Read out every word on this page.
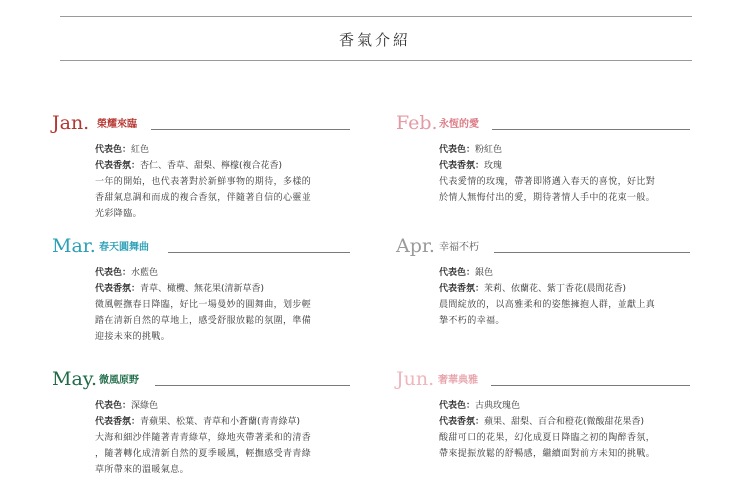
香氣介紹
Jan. 榮耀來臨
代表色：紅色
代表香氛：杏仁、香草、甜梨、檸檬(複合花香)
一年的開始，也代表著對於新鮮事物的期待，多樣的
香甜氣息調和而成的複合香氛，伴隨著自信的心靈並
光彩降臨。
Feb. 永恆的愛
代表色：粉紅色
代表香氛：玫瑰
代表愛情的玫瑰，帶著即將邁入春天的喜悅，好比對
於情人無悔付出的愛，期待著情人手中的花束一般。
Mar. 春天圓舞曲
代表色：水藍色
代表香氛：青草、橄欖、無花果(清新草香)
微風輕撫春日降臨，好比一場曼妙的圓舞曲，划步輕
踏在清新自然的草地上，感受舒服放鬆的氛圍，準備
迎接未來的挑戰。
Apr. 幸福不朽
代表色：銀色
代表香氛：茉莉、依蘭花、紫丁香花(晨間花香)
晨間綻放的，以高雅柔和的姿態擁抱人群，並獻上真
摯不朽的幸福。
May. 微風原野
代表色：深綠色
代表香氛：青蘋果、松葉、青草和小蒼蘭(青青綠草)
大海和細沙伴隨著青青綠草，綠地夾帶著柔和的清香
，隨著轉化成清新自然的夏季暖風，輕撫感受青青綠
草所帶來的溫暖氣息。
Jun. 奢華典雅
代表色：古典玫瑰色
代表香氛：蘋果、甜梨、百合和橙花(微酸甜花果香)
酸甜可口的花果，幻化成夏日降臨之初的陶醉香氛，
帶來提振放鬆的舒暢感，繼續面對前方未知的挑戰。
